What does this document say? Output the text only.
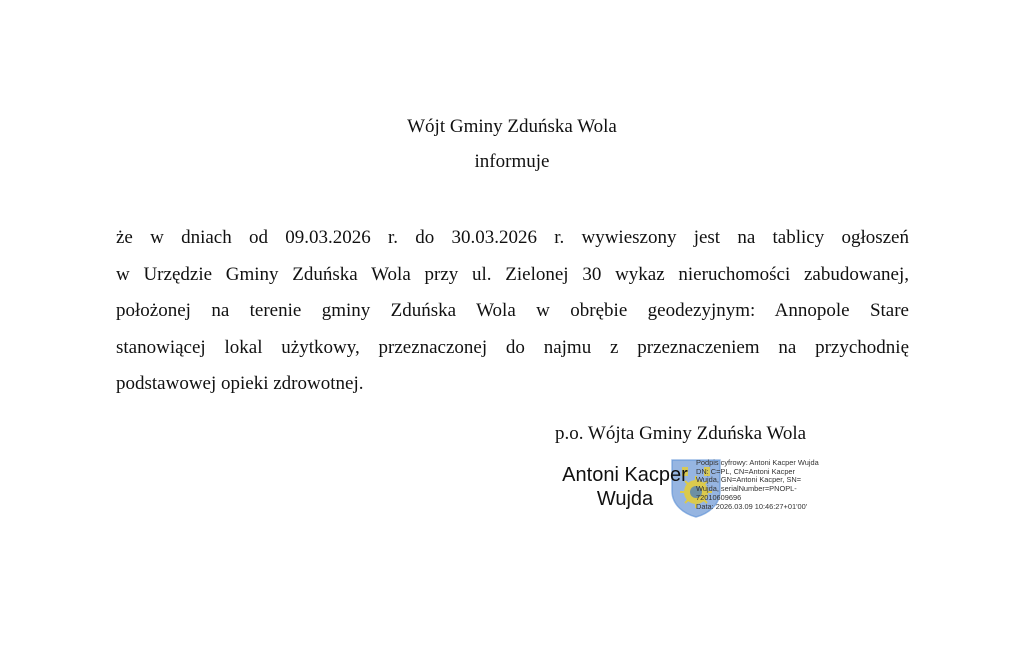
Wójt Gminy Zduńska Wola
informuje
że w dniach od 09.03.2026 r. do 30.03.2026 r. wywieszony jest na tablicy ogłoszeń
w Urzędzie Gminy Zduńska Wola przy ul. Zielonej 30 wykaz nieruchomości zabudowanej,
położonej na terenie gminy Zduńska Wola w obrębie geodezyjnym: Annopole Stare
stanowiącej lokal użytkowy, przeznaczonej do najmu z przeznaczeniem na przychodnię
podstawowej opieki zdrowotnej.
p.o. Wójta Gminy Zduńska Wola
Antoni Kacper
Wujda
Podpis cyfrowy: Antoni Kacper Wujda
DN: C=PL, CN=Antoni Kacper
Wujda, GN=Antoni Kacper, SN=
Wujda, serialNumber=PNOPL-
72010609696
Data: 2026.03.09 10:46:27+01'00'
